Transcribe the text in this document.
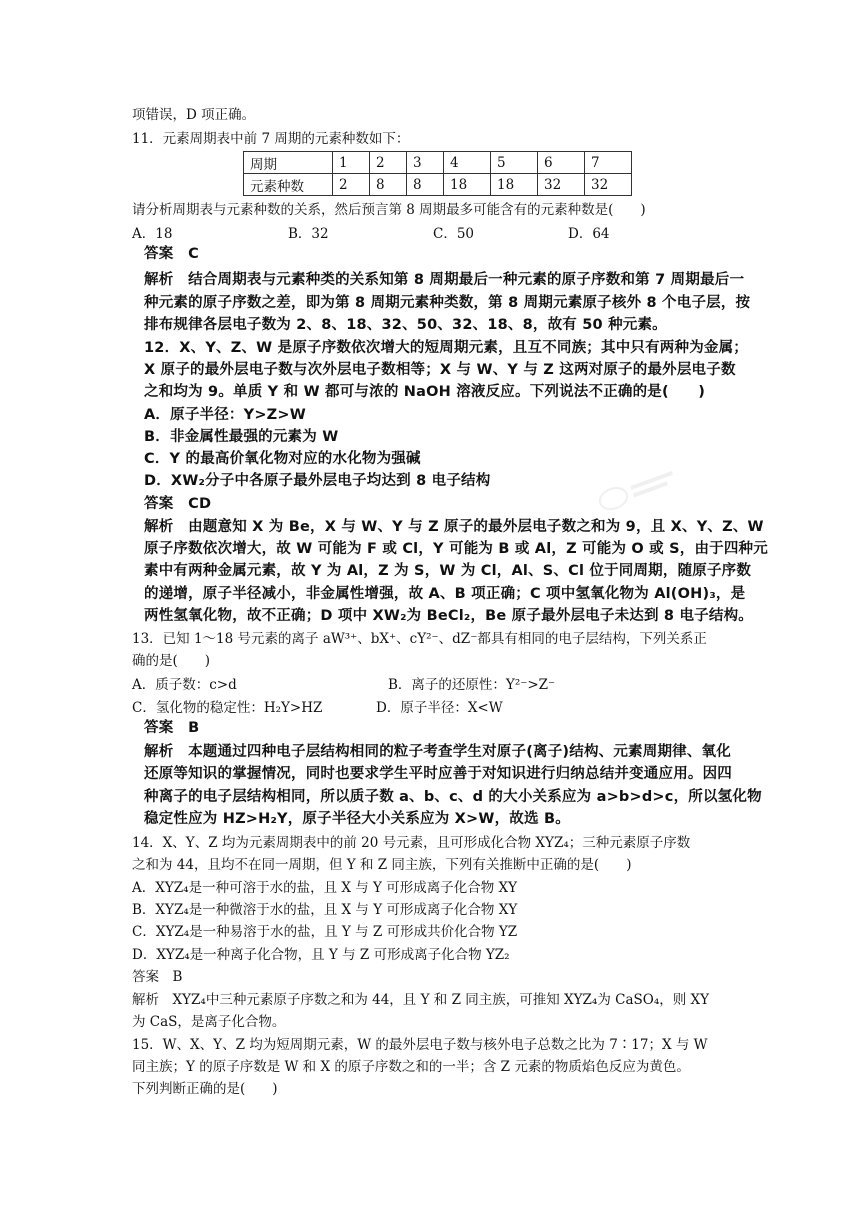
项错误，D 项正确。
11．元素周期表中前 7 周期的元素种数如下：
周期	1	2	3	4	5	6	7
元素种数	2	8	8	18	18	32	32
请分析周期表与元素种数的关系，然后预言第 8 周期最多可能含有的元素种数是(　　)
A．18	B．32	C．50	D．64
答案　C
解析　结合周期表与元素种类的关系知第 8 周期最后一种元素的原子序数和第 7 周期最后一
种元素的原子序数之差，即为第 8 周期元素种类数，第 8 周期元素原子核外 8 个电子层，按
排布规律各层电子数为 2、8、18、32、50、32、18、8，故有 50 种元素。
12．X、Y、Z、W 是原子序数依次增大的短周期元素，且互不同族；其中只有两种为金属；
X 原子的最外层电子数与次外层电子数相等；X 与 W、Y 与 Z 这两对原子的最外层电子数
之和均为 9。单质 Y 和 W 都可与浓的 NaOH 溶液反应。下列说法不正确的是(　　)
A．原子半径：Y>Z>W
B．非金属性最强的元素为 W
C．Y 的最高价氧化物对应的水化物为强碱
D．XW₂分子中各原子最外层电子均达到 8 电子结构
答案　CD
解析　由题意知 X 为 Be，X 与 W、Y 与 Z 原子的最外层电子数之和为 9，且 X、Y、Z、W
原子序数依次增大，故 W 可能为 F 或 Cl，Y 可能为 B 或 Al，Z 可能为 O 或 S，由于四种元
素中有两种金属元素，故 Y 为 Al，Z 为 S，W 为 Cl，Al、S、Cl 位于同周期，随原子序数
的递增，原子半径减小，非金属性增强，故 A、B 项正确；C 项中氢氧化物为 Al(OH)₃，是
两性氢氧化物，故不正确；D 项中 XW₂为 BeCl₂，Be 原子最外层电子未达到 8 电子结构。
13．已知 1～18 号元素的离子 aW³⁺、bX⁺、cY²⁻、dZ⁻都具有相同的电子层结构，下列关系正
确的是(　　)
A．质子数：c>d	B．离子的还原性：Y²⁻>Z⁻
C．氢化物的稳定性：H₂Y>HZ	D．原子半径：X<W
答案　B
解析　本题通过四种电子层结构相同的粒子考查学生对原子(离子)结构、元素周期律、氧化
还原等知识的掌握情况，同时也要求学生平时应善于对知识进行归纳总结并变通应用。因四
种离子的电子层结构相同，所以质子数 a、b、c、d 的大小关系应为 a>b>d>c，所以氢化物
稳定性应为 HZ>H₂Y，原子半径大小关系应为 X>W，故选 B。
14．X、Y、Z 均为元素周期表中的前 20 号元素，且可形成化合物 XYZ₄；三种元素原子序数
之和为 44，且均不在同一周期，但 Y 和 Z 同主族，下列有关推断中正确的是(　　)
A．XYZ₄是一种可溶于水的盐，且 X 与 Y 可形成离子化合物 XY
B．XYZ₄是一种微溶于水的盐，且 X 与 Y 可形成离子化合物 XY
C．XYZ₄是一种易溶于水的盐，且 Y 与 Z 可形成共价化合物 YZ
D．XYZ₄是一种离子化合物，且 Y 与 Z 可形成离子化合物 YZ₂
答案　B
解析　XYZ₄中三种元素原子序数之和为 44，且 Y 和 Z 同主族，可推知 XYZ₄为 CaSO₄，则 XY
为 CaS，是离子化合物。
15．W、X、Y、Z 均为短周期元素，W 的最外层电子数与核外电子总数之比为 7∶17；X 与 W
同主族；Y 的原子序数是 W 和 X 的原子序数之和的一半；含 Z 元素的物质焰色反应为黄色。
下列判断正确的是(　　)
